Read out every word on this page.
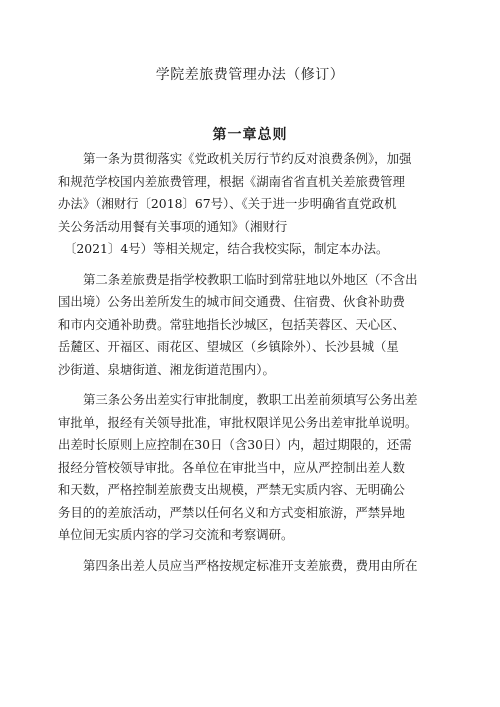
学院差旅费管理办法（修订）
第一章总则

第一条为贯彻落实《党政机关厉行节约反对浪费条例》，加强
和规范学校国内差旅费管理，根据《湖南省省直机关差旅费管理
办法》（湘财行〔2018〕67号）、《关于进一步明确省直党政机
关公务活动用餐有关事项的通知》（湘财行
〔2021〕4号）等相关规定，结合我校实际，制定本办法。

第二条差旅费是指学校教职工临时到常驻地以外地区（不含出
国出境）公务出差所发生的城市间交通费、住宿费、伙食补助费
和市内交通补助费。常驻地指长沙城区，包括芙蓉区、天心区、
岳麓区、开福区、雨花区、望城区（乡镇除外）、长沙县城（星
沙街道、泉塘街道、湘龙街道范围内）。

第三条公务出差实行审批制度，教职工出差前须填写公务出差
审批单，报经有关领导批准，审批权限详见公务出差审批单说明。
出差时长原则上应控制在30日（含30日）内，超过期限的，还需
报经分管校领导审批。各单位在审批当中，应从严控制出差人数
和天数，严格控制差旅费支出规模，严禁无实质内容、无明确公
务目的的差旅活动，严禁以任何名义和方式变相旅游，严禁异地
单位间无实质内容的学习交流和考察调研。

第四条出差人员应当严格按规定标准开支差旅费，费用由所在
